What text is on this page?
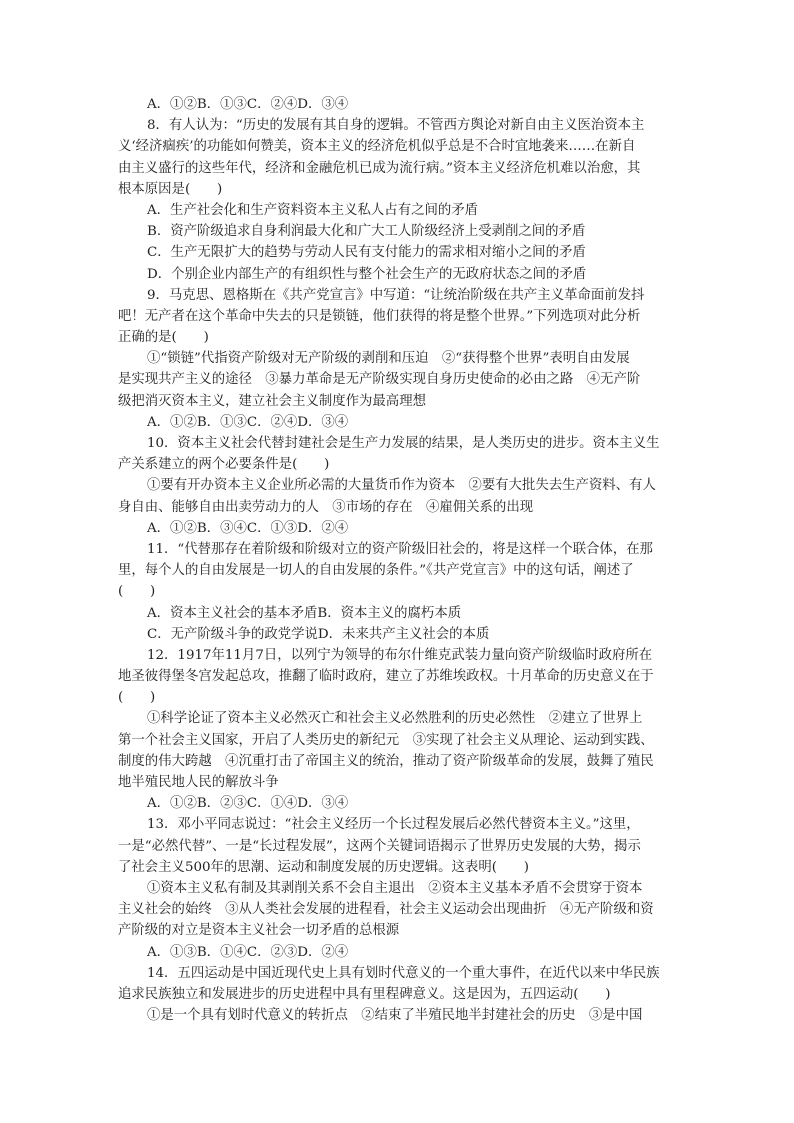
A．①②B．①③C．②④D．③④
8．有人认为：“历史的发展有其自身的逻辑。不管西方舆论对新自由主义医治资本主
义‘经济痼疾’的功能如何赞美，资本主义的经济危机似乎总是不合时宜地袭来……在新自
由主义盛行的这些年代，经济和金融危机已成为流行病。”资本主义经济危机难以治愈，其
根本原因是(　　)
A．生产社会化和生产资料资本主义私人占有之间的矛盾
B．资产阶级追求自身利润最大化和广大工人阶级经济上受剥削之间的矛盾
C．生产无限扩大的趋势与劳动人民有支付能力的需求相对缩小之间的矛盾
D．个别企业内部生产的有组织性与整个社会生产的无政府状态之间的矛盾
9．马克思、恩格斯在《共产党宣言》中写道：“让统治阶级在共产主义革命面前发抖
吧！无产者在这个革命中失去的只是锁链，他们获得的将是整个世界。”下列选项对此分析
正确的是(　　)
①“锁链”代指资产阶级对无产阶级的剥削和压迫　②“获得整个世界”表明自由发展
是实现共产主义的途径　③暴力革命是无产阶级实现自身历史使命的必由之路　④无产阶
级把消灭资本主义，建立社会主义制度作为最高理想
A．①②B．①③C．②④D．③④
10．资本主义社会代替封建社会是生产力发展的结果，是人类历史的进步。资本主义生
产关系建立的两个必要条件是(　　)
①要有开办资本主义企业所必需的大量货币作为资本　②要有大批失去生产资料、有人
身自由、能够自由出卖劳动力的人　③市场的存在　④雇佣关系的出现
A．①②B．③④C．①③D．②④
11．“代替那存在着阶级和阶级对立的资产阶级旧社会的，将是这样一个联合体，在那
里，每个人的自由发展是一切人的自由发展的条件。”《共产党宣言》中的这句话，阐述了
(　　)
A．资本主义社会的基本矛盾B．资本主义的腐朽本质
C．无产阶级斗争的政党学说D．未来共产主义社会的本质
12．1917年11月7日，以列宁为领导的布尔什维克武装力量向资产阶级临时政府所在
地圣彼得堡冬宫发起总攻，推翻了临时政府，建立了苏维埃政权。十月革命的历史意义在于
(　　)
①科学论证了资本主义必然灭亡和社会主义必然胜利的历史必然性　②建立了世界上
第一个社会主义国家，开启了人类历史的新纪元　③实现了社会主义从理论、运动到实践、
制度的伟大跨越　④沉重打击了帝国主义的统治，推动了资产阶级革命的发展，鼓舞了殖民
地半殖民地人民的解放斗争
A．①②B．②③C．①④D．③④
13．邓小平同志说过：“社会主义经历一个长过程发展后必然代替资本主义。”这里，
一是“必然代替”、一是“长过程发展”，这两个关键词语揭示了世界历史发展的大势，揭示
了社会主义500年的思潮、运动和制度发展的历史逻辑。这表明(　　)
①资本主义私有制及其剥削关系不会自主退出　②资本主义基本矛盾不会贯穿于资本
主义社会的始终　③从人类社会发展的进程看，社会主义运动会出现曲折　④无产阶级和资
产阶级的对立是资本主义社会一切矛盾的总根源
A．①③B．①④C．②③D．②④
14．五四运动是中国近现代史上具有划时代意义的一个重大事件，在近代以来中华民族
追求民族独立和发展进步的历史进程中具有里程碑意义。这是因为，五四运动(　　)
①是一个具有划时代意义的转折点　②结束了半殖民地半封建社会的历史　③是中国
